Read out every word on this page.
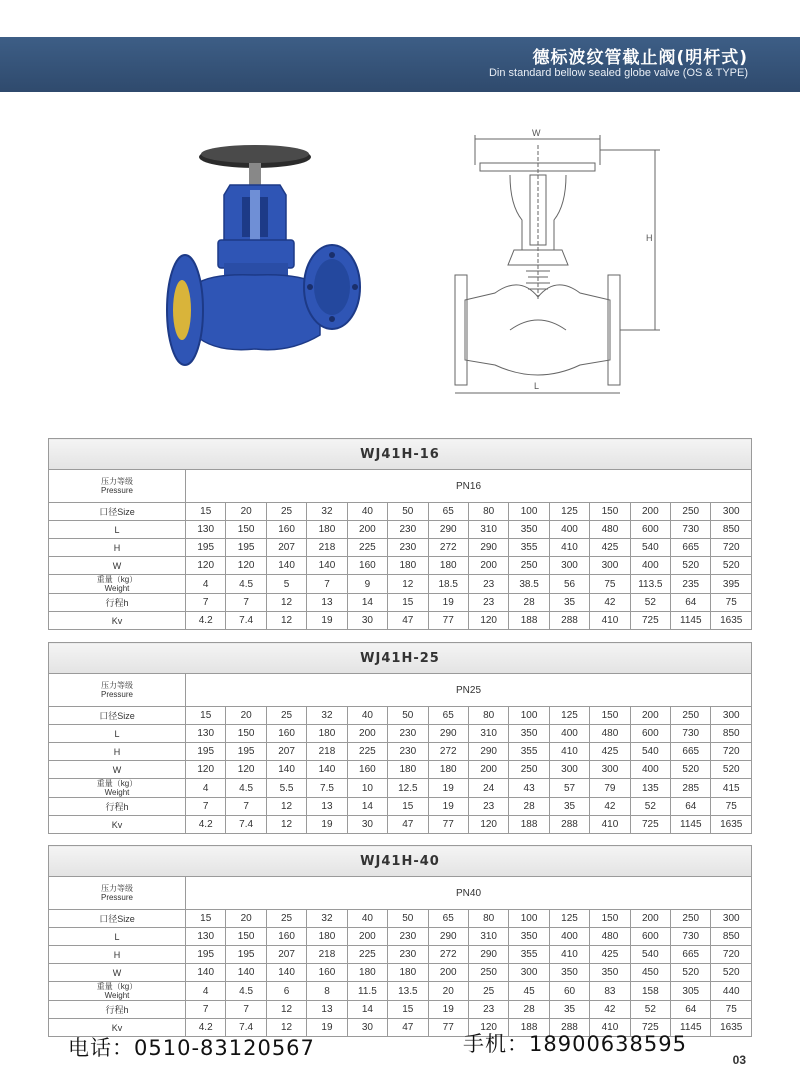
德标波纹管截止阀(明杆式)
Din standard bellow sealed globe valve (OS & TYPE)
W
H
L
WJ41H-16														

压力等级
Pressure	PN16													
口径Size	15	20	25	32	40	50	65	80	100	125	150	200	250	300
L	130	150	160	180	200	230	290	310	350	400	480	600	730	850
H	195	195	207	218	225	230	272	290	355	410	425	540	665	720
W	120	120	140	140	160	180	180	200	250	300	300	400	520	520

重量（kg）
Weight	4	4.5	5	7	9	12	18.5	23	38.5	56	75	113.5	235	395
行程h	7	7	12	13	14	15	19	23	28	35	42	52	64	75
Kv	4.2	7.4	12	19	30	47	77	120	188	288	410	725	1145	1635
WJ41H-25														

压力等级
Pressure	PN25													
口径Size	15	20	25	32	40	50	65	80	100	125	150	200	250	300
L	130	150	160	180	200	230	290	310	350	400	480	600	730	850
H	195	195	207	218	225	230	272	290	355	410	425	540	665	720
W	120	120	140	140	160	180	180	200	250	300	300	400	520	520

重量（kg）
Weight	4	4.5	5.5	7.5	10	12.5	19	24	43	57	79	135	285	415
行程h	7	7	12	13	14	15	19	23	28	35	42	52	64	75
Kv	4.2	7.4	12	19	30	47	77	120	188	288	410	725	1145	1635
WJ41H-40														

压力等级
Pressure	PN40													
口径Size	15	20	25	32	40	50	65	80	100	125	150	200	250	300
L	130	150	160	180	200	230	290	310	350	400	480	600	730	850
H	195	195	207	218	225	230	272	290	355	410	425	540	665	720
W	140	140	140	160	180	180	200	250	300	350	350	450	520	520

重量（kg）
Weight	4	4.5	6	8	11.5	13.5	20	25	45	60	83	158	305	440
行程h	7	7	12	13	14	15	19	23	28	35	42	52	64	75
Kv	4.2	7.4	12	19	30	47	77	120	188	288	410	725	1145	1635
电话：0510-83120567	手机：18900638595
03
